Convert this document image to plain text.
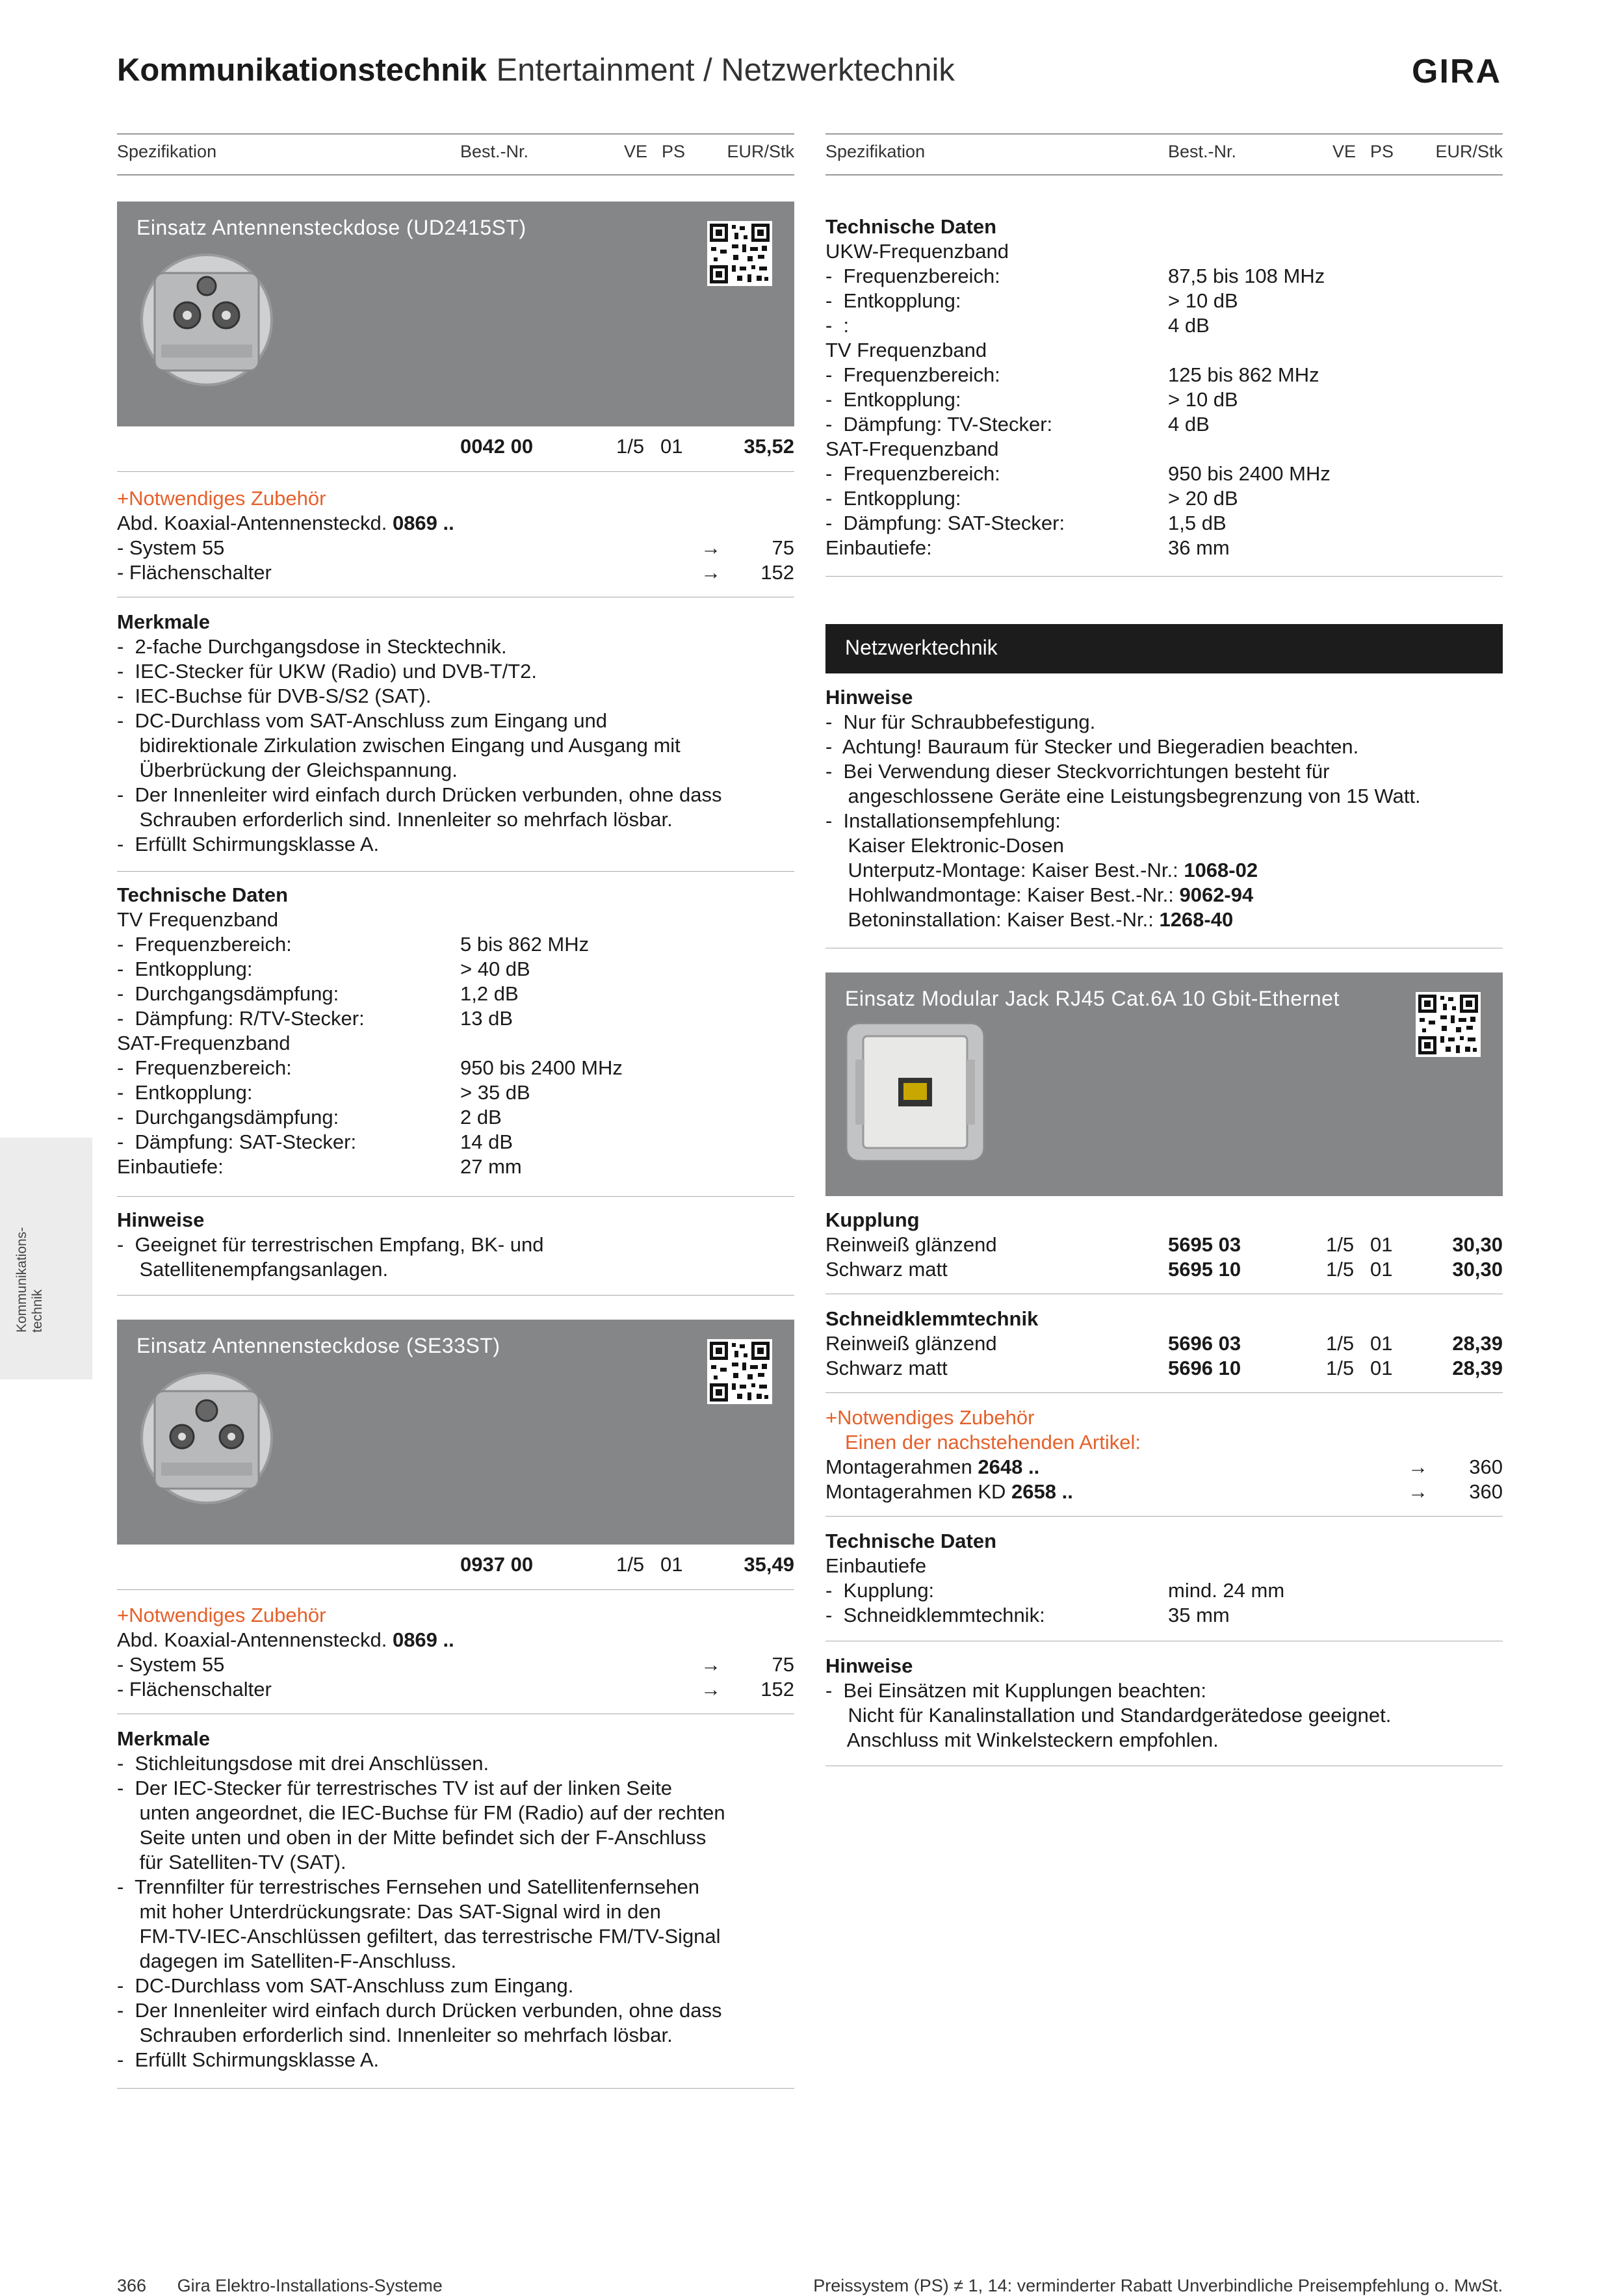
Kommunikationstechnik Entertainment / Netzwerktechnik	GIRA
Spezifikation	Best.-Nr.	VE PS	EUR/Stk Spezifikation	Best.-Nr.	VE PS	EUR/Stk
Kommunikations- technik
Einsatz Antennensteckdose (UD2415ST)
0042 00	1/5 01	35,52
+Notwendiges Zubehör
Abd. Koaxial-Antennensteckd. 0869 ..
- System 55	→	75
- Flächenschalter	→	152
Merkmale
-  2-fache Durchgangsdose in Stecktechnik.
-  IEC-Stecker für UKW (Radio) und DVB-T/T2.
-  IEC-Buchse für DVB-S/S2 (SAT).
-  DC-Durchlass vom SAT-Anschluss zum Eingang und
bidirektionale Zirkulation zwischen Eingang und Ausgang mit
Überbrückung der Gleichspannung.
-  Der Innenleiter wird einfach durch Drücken verbunden, ohne dass
Schrauben erforderlich sind. Innenleiter so mehrfach lösbar.
-  Erfüllt Schirmungsklasse A.
Technische Daten
TV Frequenzband
-  Frequenzbereich:	5 bis 862 MHz
-  Entkopplung:	> 40 dB
-  Durchgangsdämpfung:	1,2 dB
-  Dämpfung: R/TV-Stecker:	13 dB
SAT-Frequenzband
-  Frequenzbereich:	950 bis 2400 MHz
-  Entkopplung:	> 35 dB
-  Durchgangsdämpfung:	2 dB
-  Dämpfung: SAT-Stecker:	14 dB
Einbautiefe:	27 mm
Hinweise
-  Geeignet für terrestrischen Empfang, BK- und
Satellitenempfangsanlagen.
Einsatz Antennensteckdose (SE33ST)
0937 00	1/5 01	35,49
+Notwendiges Zubehör
Abd. Koaxial-Antennensteckd. 0869 ..
- System 55	→	75
- Flächenschalter	→	152
Merkmale
-  Stichleitungsdose mit drei Anschlüssen.
-  Der IEC-Stecker für terrestrisches TV ist auf der linken Seite
unten angeordnet, die IEC-Buchse für FM (Radio) auf der rechten
Seite unten und oben in der Mitte befindet sich der F-Anschluss
für Satelliten-TV (SAT).
-  Trennfilter für terrestrisches Fernsehen und Satellitenfernsehen
mit hoher Unterdrückungsrate: Das SAT-Signal wird in den
FM-TV-IEC-Anschlüssen gefiltert, das terrestrische FM/TV-Signal
dagegen im Satelliten-F-Anschluss.
-  DC-Durchlass vom SAT-Anschluss zum Eingang.
-  Der Innenleiter wird einfach durch Drücken verbunden, ohne dass
Schrauben erforderlich sind. Innenleiter so mehrfach lösbar.
-  Erfüllt Schirmungsklasse A.
Technische Daten
UKW-Frequenzband
-  Frequenzbereich:	87,5 bis 108 MHz
-  Entkopplung:	> 10 dB
-  :	4 dB
TV Frequenzband
-  Frequenzbereich:	125 bis 862 MHz
-  Entkopplung:	> 10 dB
-  Dämpfung: TV-Stecker:	4 dB
SAT-Frequenzband
-  Frequenzbereich:	950 bis 2400 MHz
-  Entkopplung:	> 20 dB
-  Dämpfung: SAT-Stecker:	1,5 dB
Einbautiefe:	36 mm
Netzwerktechnik
Hinweise
-  Nur für Schraubbefestigung.
-  Achtung! Bauraum für Stecker und Biegeradien beachten.
-  Bei Verwendung dieser Steckvorrichtungen besteht für
angeschlossene Geräte eine Leistungsbegrenzung von 15 Watt.
-  Installationsempfehlung:
Kaiser Elektronic-Dosen
Unterputz-Montage: Kaiser Best.-Nr.: 1068-02
Hohlwandmontage: Kaiser Best.-Nr.: 9062-94
Betoninstallation: Kaiser Best.-Nr.: 1268-40
Einsatz Modular Jack RJ45 Cat.6A 10 Gbit-Ethernet
Kupplung
Reinweiß glänzend	5695 03	1/5 01	30,30
Schwarz matt	5695 10	1/5 01	30,30
Schneidklemmtechnik
Reinweiß glänzend	5696 03	1/5 01	28,39
Schwarz matt	5696 10	1/5 01	28,39
+Notwendiges Zubehör
Einen der nachstehenden Artikel:
Montagerahmen 2648 ..	→	360
Montagerahmen KD 2658 ..	→	360
Technische Daten
Einbautiefe
-  Kupplung:	mind. 24 mm
-  Schneidklemmtechnik:	35 mm
Hinweise
-  Bei Einsätzen mit Kupplungen beachten:
Nicht für Kanalinstallation und Standardgerätedose geeignet.
Anschluss mit Winkelsteckern empfohlen.
366 Gira Elektro-Installations-Systeme	Preissystem (PS) ≠ 1, 14: verminderter Rabatt Unverbindliche Preisempfehlung o. MwSt.
